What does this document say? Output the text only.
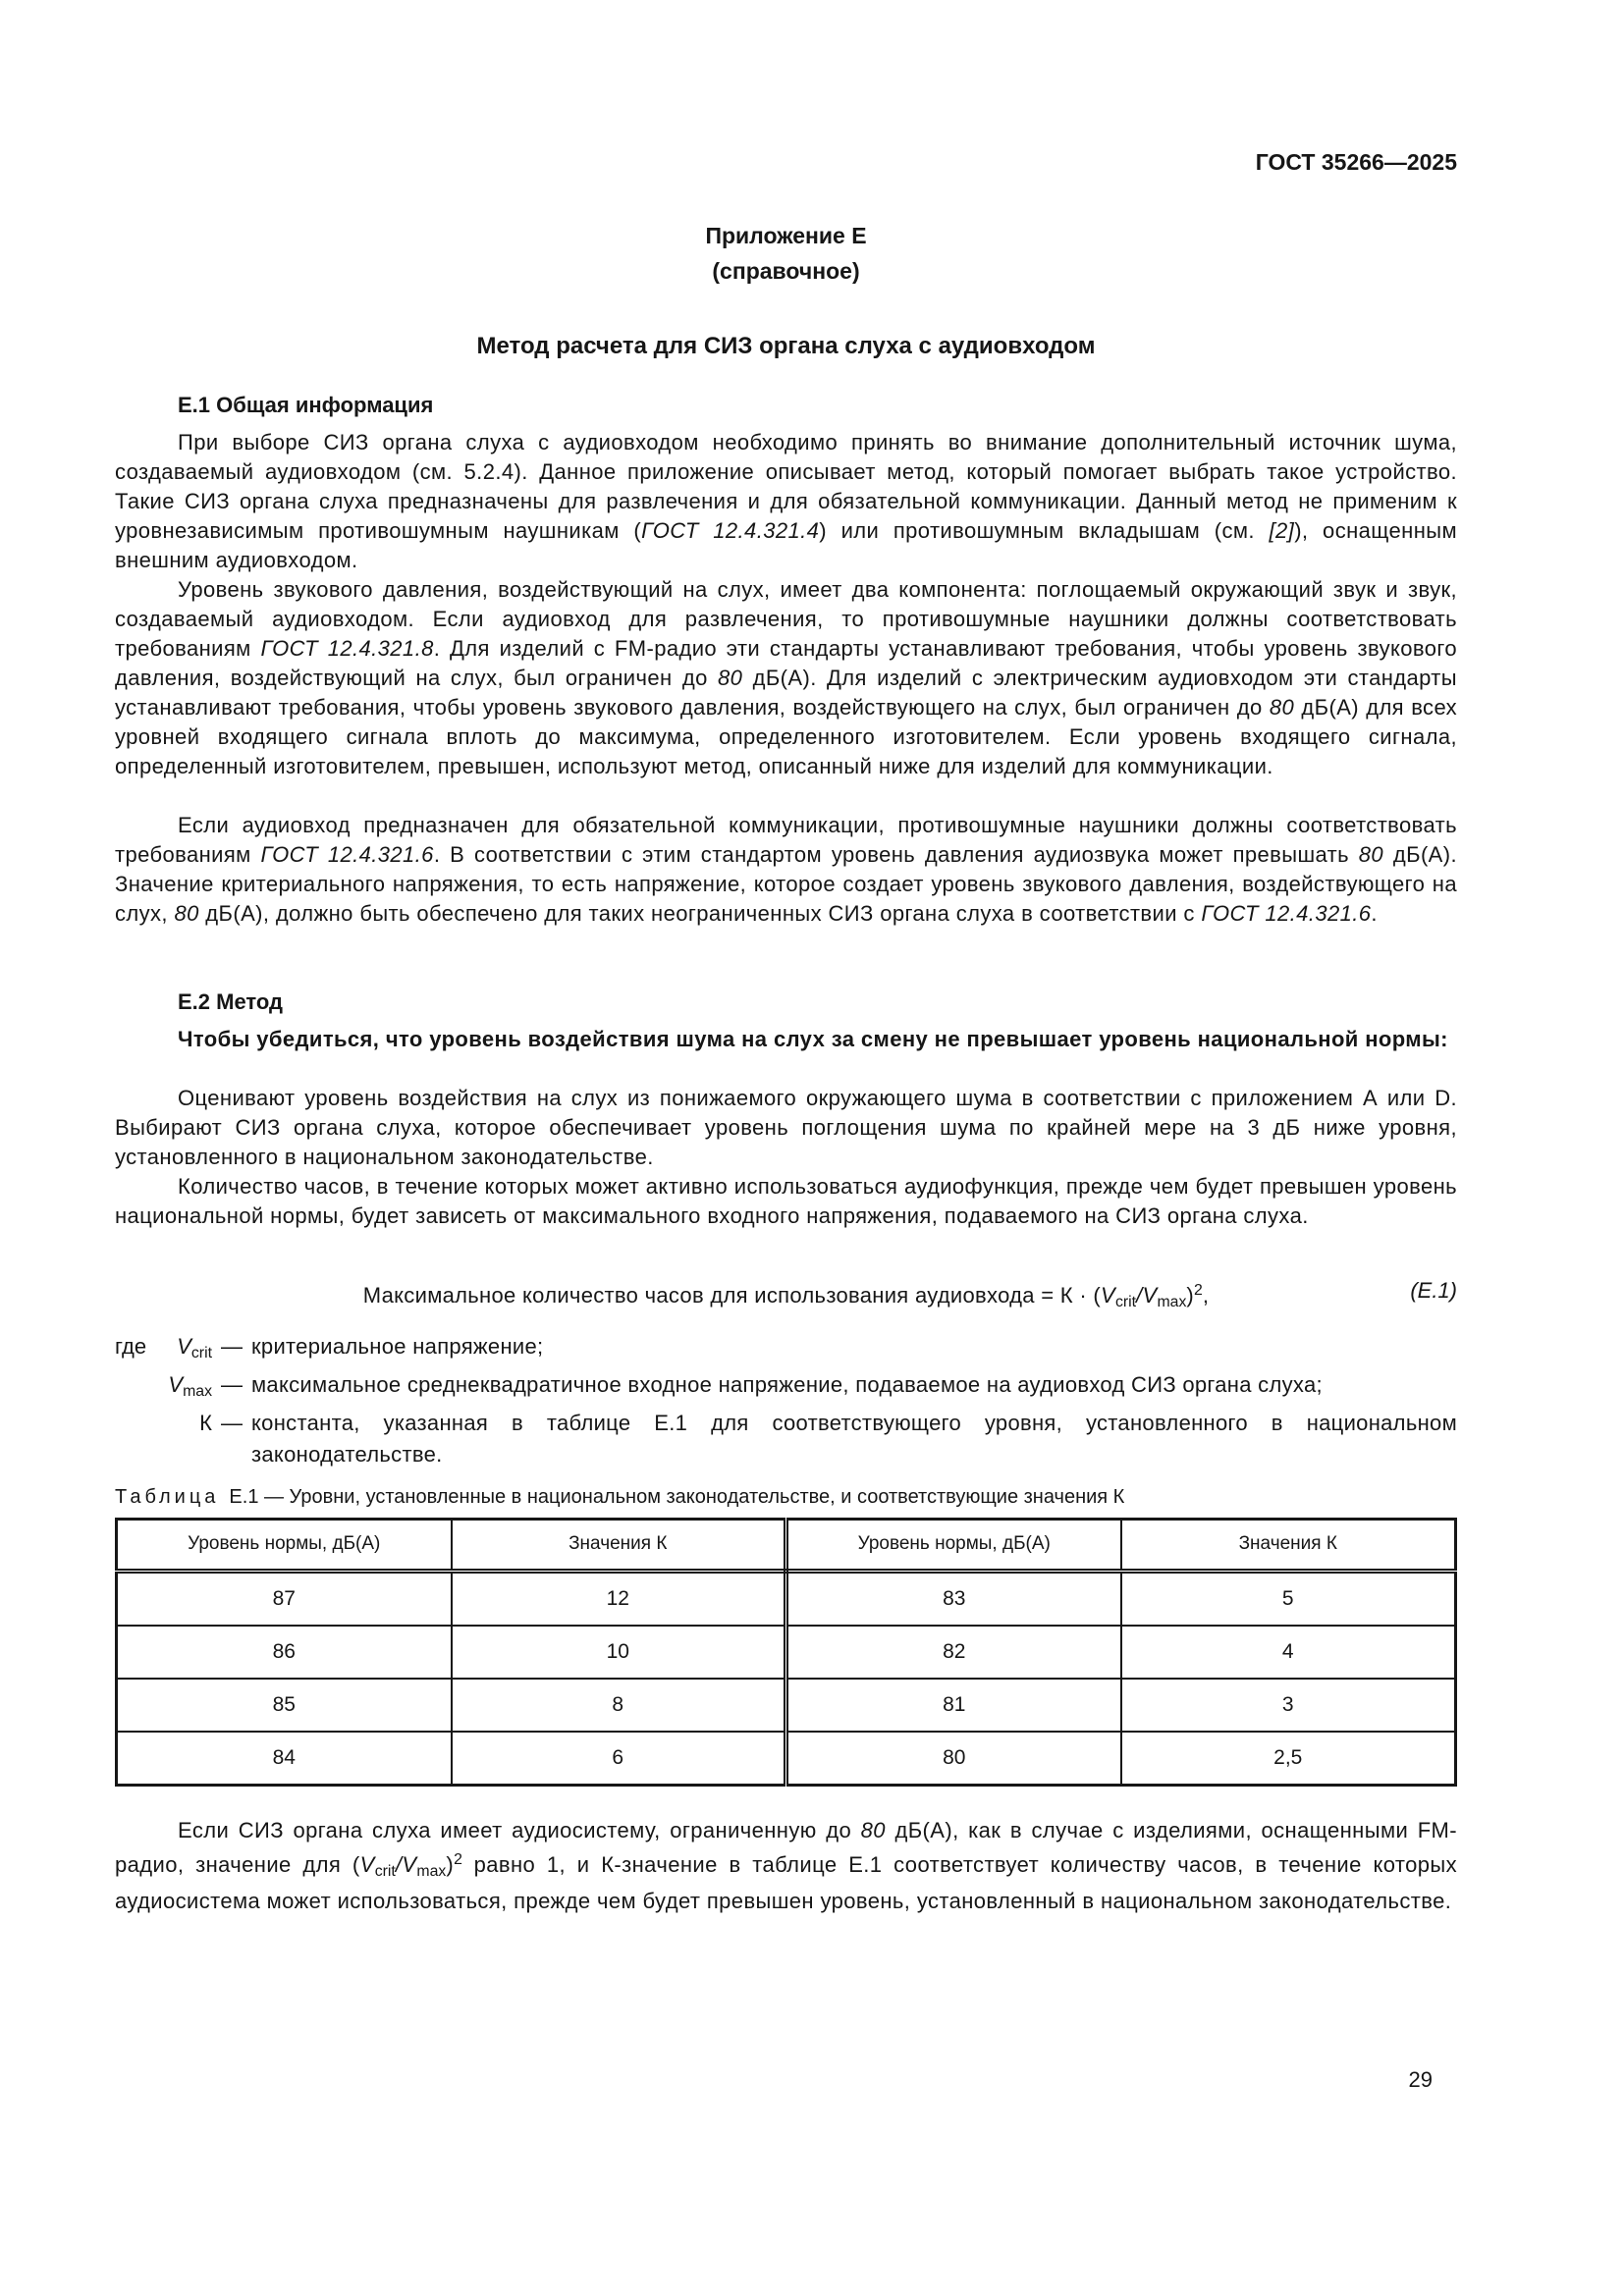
ГОСТ 35266—2025
Приложение Е
(справочное)
Метод расчета для СИЗ органа слуха с аудиовходом
Е.1 Общая информация

При выборе СИЗ органа слуха с аудиовходом необходимо принять во внимание дополнительный источник шума, создаваемый аудиовходом (см. 5.2.4). Данное приложение описывает метод, который помогает выбрать такое устройство. Такие СИЗ органа слуха предназначены для развлечения и для обязательной коммуникации. Данный метод не применим к уровнезависимым противошумным наушникам (ГОСТ 12.4.321.4) или противошумным вкладышам (см. [2]), оснащенным внешним аудиовходом.

Уровень звукового давления, воздействующий на слух, имеет два компонента: поглощаемый окружающий звук и звук, создаваемый аудиовходом. Если аудиовход для развлечения, то противошумные наушники должны соответствовать требованиям ГОСТ 12.4.321.8. Для изделий с FM-радио эти стандарты устанавливают требования, чтобы уровень звукового давления, воздействующий на слух, был ограничен до 80 дБ(А). Для изделий с электрическим аудиовходом эти стандарты устанавливают требования, чтобы уровень звукового давления, воздействующего на слух, был ограничен до 80 дБ(А) для всех уровней входящего сигнала вплоть до максимума, определенного изготовителем. Если уровень входящего сигнала, определенный изготовителем, превышен, используют метод, описанный ниже для изделий для коммуникации.

Если аудиовход предназначен для обязательной коммуникации, противошумные наушники должны соответствовать требованиям ГОСТ 12.4.321.6. В соответствии с этим стандартом уровень давления аудиозвука может превышать 80 дБ(А). Значение критериального напряжения, то есть напряжение, которое создает уровень звукового давления, воздействующего на слух, 80 дБ(А), должно быть обеспечено для таких неограниченных СИЗ органа слуха в соответствии с ГОСТ 12.4.321.6.

Е.2 Метод

Чтобы убедиться, что уровень воздействия шума на слух за смену не превышает уровень национальной нормы:

Оценивают уровень воздействия на слух из понижаемого окружающего шума в соответствии с приложением А или D. Выбирают СИЗ органа слуха, которое обеспечивает уровень поглощения шума по крайней мере на 3 дБ ниже уровня, установленного в национальном законодательстве.

Количество часов, в течение которых может активно использоваться аудиофункция, прежде чем будет превышен уровень национальной нормы, будет зависеть от максимального входного напряжения, подаваемого на СИЗ органа слуха.

Максимальное количество часов для использования аудиовхода = $К \cdot (V_{crit}/V_{max})^2$,	(Е.1)
где	$V_{crit}$ — критериальное напряжение;
$V_{max}$ — максимальное среднеквадратичное входное напряжение, подаваемое на аудиовход СИЗ органа слуха;
К — константа, указанная в таблице Е.1 для соответствующего уровня, установленного в национальном законодательстве.
Таблица Е.1 — Уровни, установленные в национальном законодательстве, и соответствующие значения К
Уровень нормы, дБ(А)	Значения К	Уровень нормы, дБ(А)	Значения К
87	12	83	5
86	10	82	4
85	8	81	3
84	6	80	2,5

Если СИЗ органа слуха имеет аудиосистему, ограниченную до 80 дБ(А), как в случае с изделиями, оснащенными FM-радио, значение для $(V_{crit}/V_{max})^2$ равно 1, и К-значение в таблице Е.1 соответствует количеству часов, в течение которых аудиосистема может использоваться, прежде чем будет превышен уровень, установленный в национальном законодательстве.

29
